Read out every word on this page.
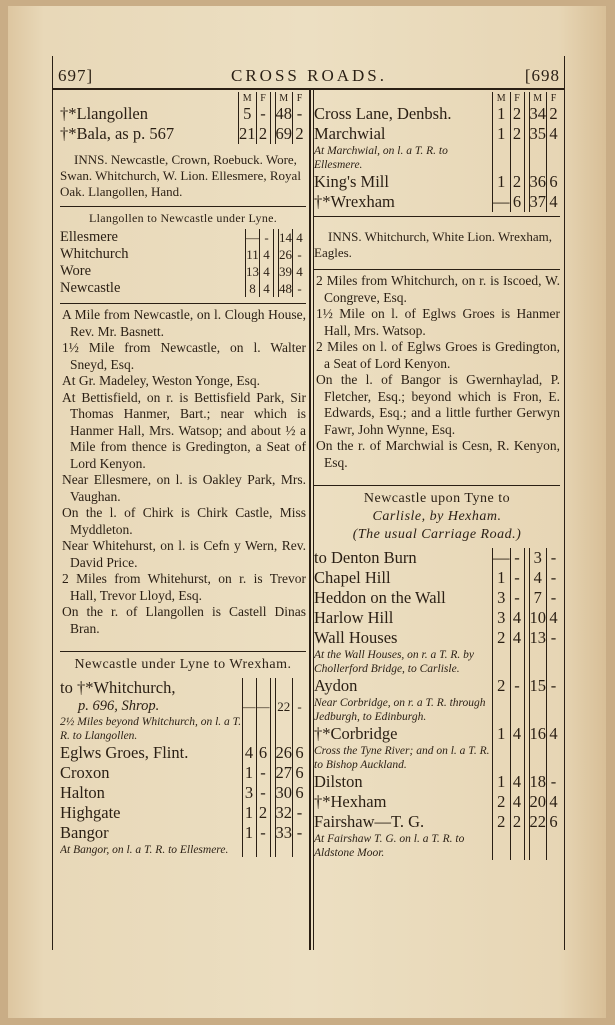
697]	CROSS ROADS.	[698
	M	F		M	F
†*Llangollen	5	-		48	-
†*Bala, as p. 567	21	2		69	2
INNS. Newcastle, Crown, Roebuck. Wore, Swan. Whitchurch, W. Lion. Ellesmere, Royal Oak. Llangollen, Hand.
Llangollen to Newcastle under Lyne.
Ellesmere	—	-		14	4
Whitchurch	11	4		26	-
Wore	13	4		39	4
Newcastle	8	4		48	-

A Mile from Newcastle, on l. Clough House, Rev. Mr. Basnett.

1½ Mile from Newcastle, on l. Walter Sneyd, Esq.

At Gr. Madeley, Weston Yonge, Esq.

At Bettisfield, on r. is Bettisfield Park, Sir Thomas Hanmer, Bart.; near which is Hanmer Hall, Mrs. Watsop; and about ½ a Mile from thence is Gredington, a Seat of Lord Kenyon.

Near Ellesmere, on l. is Oakley Park, Mrs. Vaughan.

On the l. of Chirk is Chirk Castle, Miss Myddleton.

Near Whitehurst, on l. is Cefn y Wern, Rev. David Price.

2 Miles from Whitehurst, on r. is Trevor Hall, Trevor Lloyd, Esq.

On the r. of Llangollen is Castell Dinas Bran.

Newcastle under Lyne to Wrexham.
to †*Whitchurch,					
p. 696, Shrop.	—	—		22	-
2½ Miles beyond Whitchurch, on l. a T. R. to Llangollen.					
Eglws Groes, Flint.	4	6		26	6
Croxon	1	-		27	6
Halton	3	-		30	6
Highgate	1	2		32	-
Bangor	1	-		33	-
At Bangor, on l. a T. R. to Ellesmere.					
	M	F		M	F
Cross Lane, Denbsh.	1	2		34	2
Marchwial	1	2		35	4
At Marchwial, on l. a T. R. to Ellesmere.					
King's Mill	1	2		36	6
†*Wrexham	—	6		37	4
INNS. Whitchurch, White Lion. Wrexham, Eagles.

2 Miles from Whitchurch, on r. is Iscoed, W. Congreve, Esq.

1½ Mile on l. of Eglws Groes is Hanmer Hall, Mrs. Watsop.

2 Miles on l. of Eglws Groes is Gredington, a Seat of Lord Kenyon.

On the l. of Bangor is Gwernhaylad, P. Fletcher, Esq.; beyond which is Fron, E. Edwards, Esq.; and a little further Gerwyn Fawr, John Wynne, Esq.

On the r. of Marchwial is Cesn, R. Kenyon, Esq.

Newcastle upon Tyne to
Carlisle, by Hexham.
(The usual Carriage Road.)
to Denton Burn	—	-		3	-
Chapel Hill	1	-		4	-
Heddon on the Wall	3	-		7	-
Harlow Hill	3	4		10	4
Wall Houses	2	4		13	-
At the Wall Houses, on r. a T. R. by Chollerford Bridge, to Carlisle.					
Aydon	2	-		15	-
Near Corbridge, on r. a T. R. through Jedburgh, to Edinburgh.					
†*Corbridge	1	4		16	4
Cross the Tyne River; and on l. a T. R. to Bishop Auckland.					
Dilston	1	4		18	-
†*Hexham	2	4		20	4
Fairshaw—T. G.	2	2		22	6
At Fairshaw T. G. on l. a T. R. to Aldstone Moor.					
